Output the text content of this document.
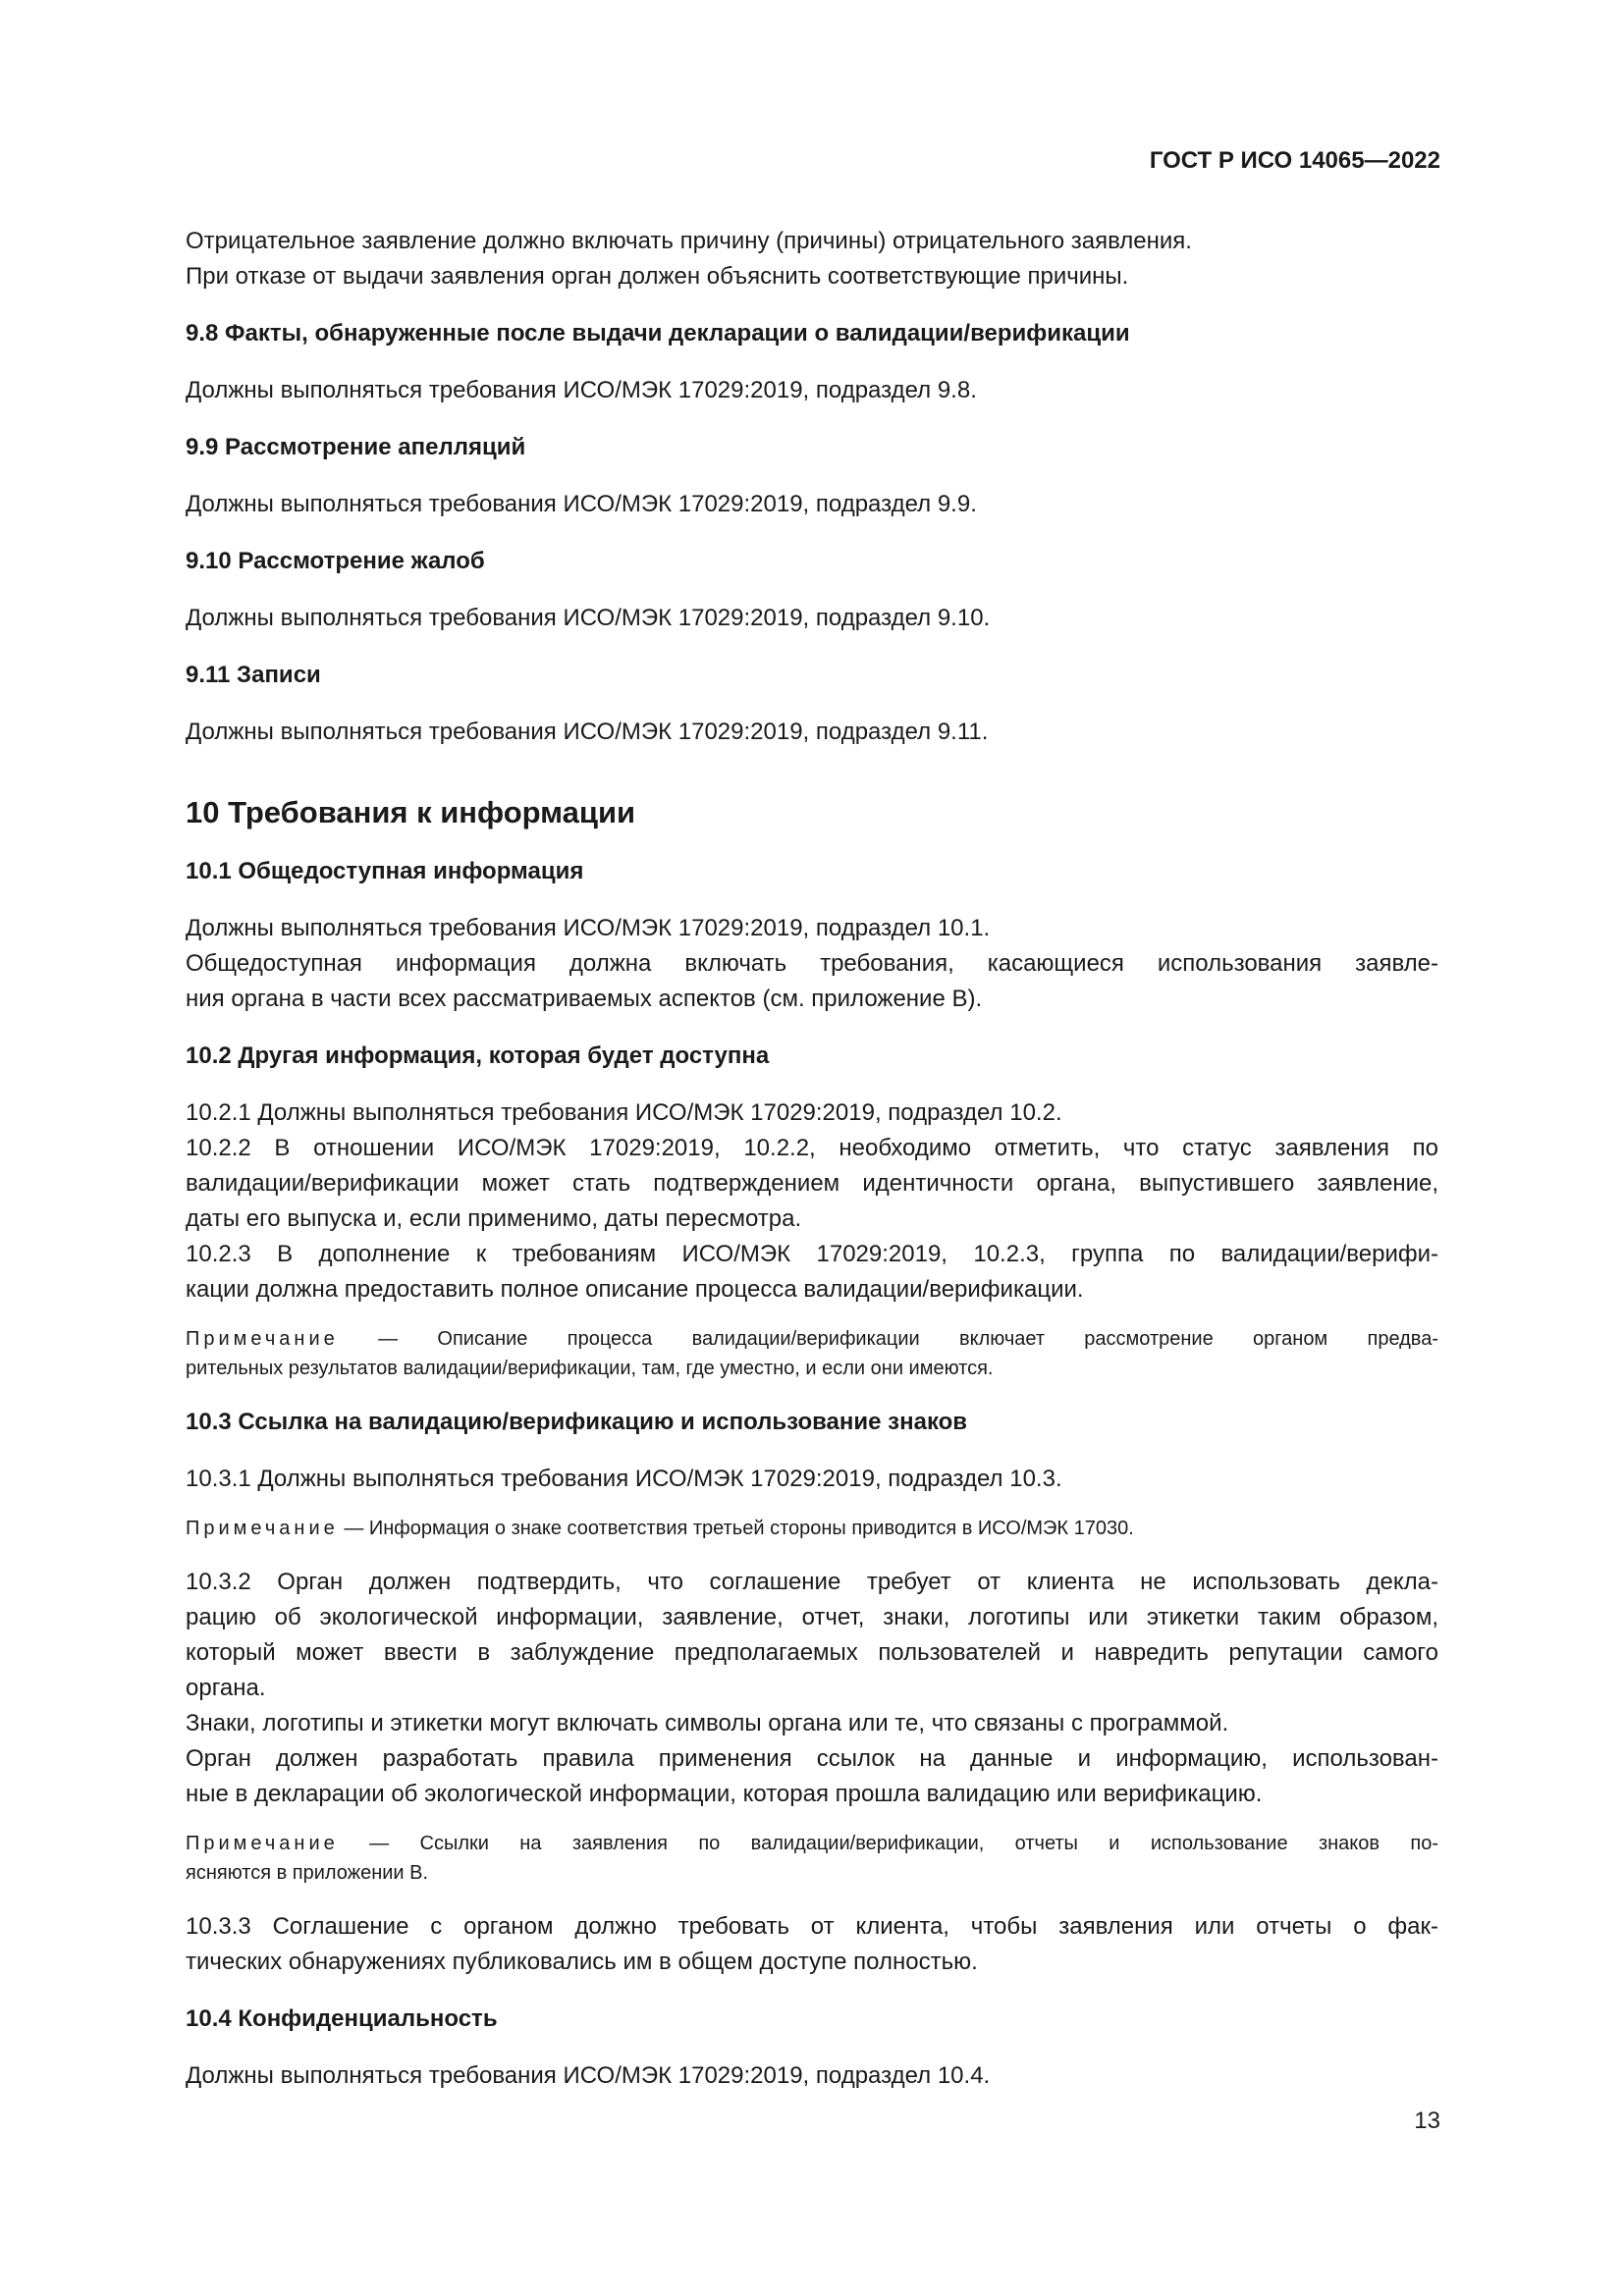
ГОСТ Р ИСО 14065—2022

Отрицательное заявление должно включать причину (причины) отрицательного заявления.

При отказе от выдачи заявления орган должен объяснить соответствующие причины.

9.8 Факты, обнаруженные после выдачи декларации о валидации/верификации

Должны выполняться требования ИСО/МЭК 17029:2019, подраздел 9.8.

9.9 Рассмотрение апелляций

Должны выполняться требования ИСО/МЭК 17029:2019, подраздел 9.9.

9.10 Рассмотрение жалоб

Должны выполняться требования ИСО/МЭК 17029:2019, подраздел 9.10.

9.11 Записи

Должны выполняться требования ИСО/МЭК 17029:2019, подраздел 9.11.

10 Требования к информации

10.1 Общедоступная информация

Должны выполняться требования ИСО/МЭК 17029:2019, подраздел 10.1.

Общедоступная информация должна включать требования, касающиеся использования заявле-

ния органа в части всех рассматриваемых аспектов (см. приложение В).

10.2 Другая информация, которая будет доступна

10.2.1 Должны выполняться требования ИСО/МЭК 17029:2019, подраздел 10.2.

10.2.2 В отношении ИСО/МЭК 17029:2019, 10.2.2, необходимо отметить, что статус заявления по

валидации/верификации может стать подтверждением идентичности органа, выпустившего заявление,

даты его выпуска и, если применимо, даты пересмотра.

10.2.3 В дополнение к требованиям ИСО/МЭК 17029:2019, 10.2.3, группа по валидации/верифи-

кации должна предоставить полное описание процесса валидации/верификации.

Примечание — Описание процесса валидации/верификации включает рассмотрение органом предва-
рительных результатов валидации/верификации, там, где уместно, и если они имеются.

10.3 Ссылка на валидацию/верификацию и использование знаков

10.3.1 Должны выполняться требования ИСО/МЭК 17029:2019, подраздел 10.3.

Примечание — Информация о знаке соответствия третьей стороны приводится в ИСО/МЭК 17030.

10.3.2 Орган должен подтвердить, что соглашение требует от клиента не использовать декла-

рацию об экологической информации, заявление, отчет, знаки, логотипы или этикетки таким образом,

который может ввести в заблуждение предполагаемых пользователей и навредить репутации самого

органа.

Знаки, логотипы и этикетки могут включать символы органа или те, что связаны с программой.

Орган должен разработать правила применения ссылок на данные и информацию, использован-

ные в декларации об экологической информации, которая прошла валидацию или верификацию.

Примечание — Ссылки на заявления по валидации/верификации, отчеты и использование знаков по-
ясняются в приложении В.

10.3.3 Соглашение с органом должно требовать от клиента, чтобы заявления или отчеты о фак-

тических обнаружениях публиковались им в общем доступе полностью.

10.4 Конфиденциальность

Должны выполняться требования ИСО/МЭК 17029:2019, подраздел 10.4.

13
